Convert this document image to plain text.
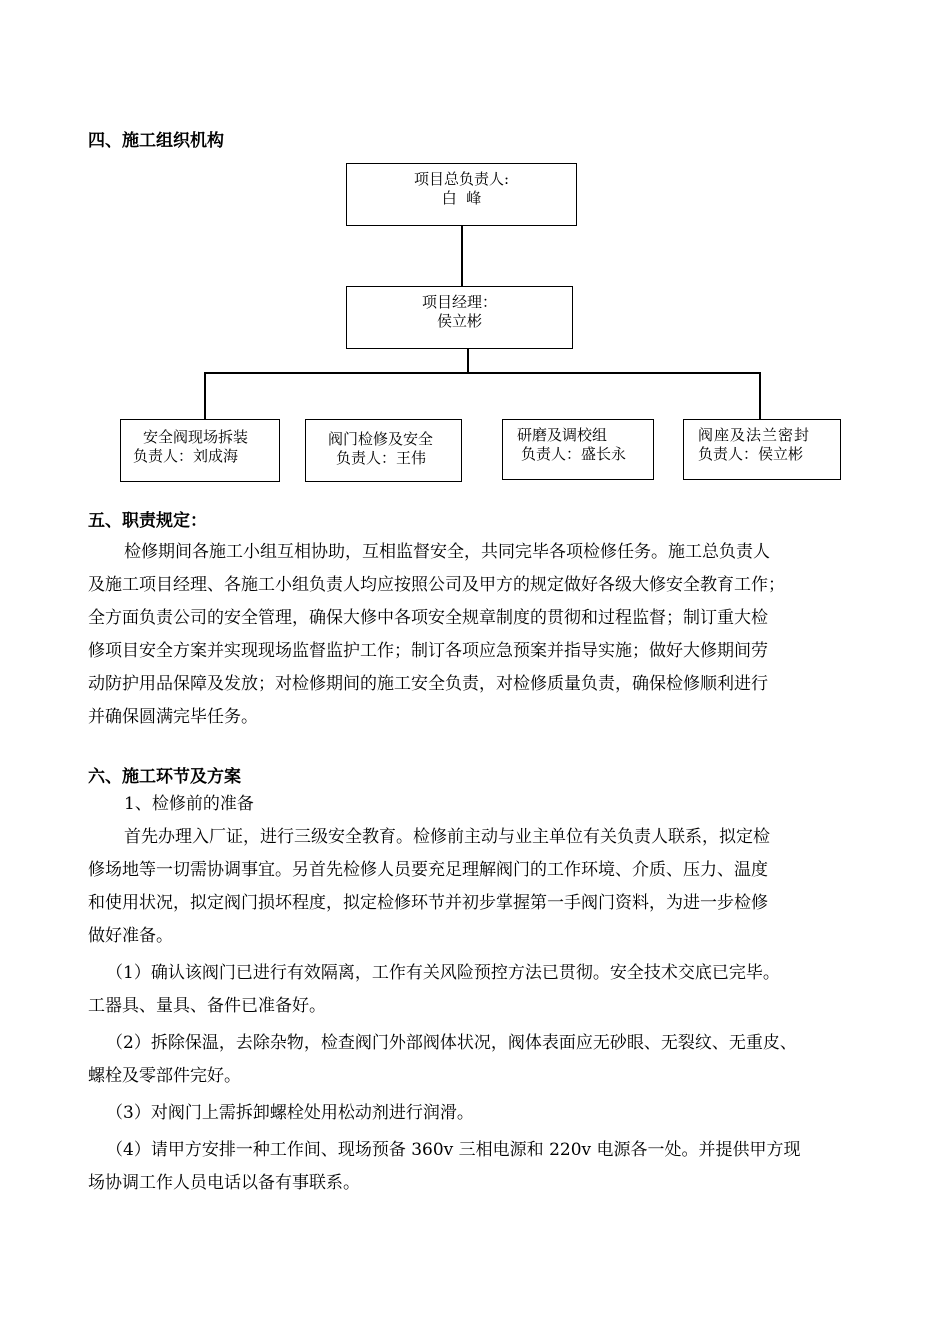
四、施工组织机构
项目总负责人:
白  峰
项目经理：
侯立彬
安全阀现场拆装
负责人：刘成海
阀门检修及安全
负责人：王伟
研磨及调校组
负责人：盛长永
阀座及法兰密封
负责人：侯立彬
五、职责规定：
检修期间各施工小组互相协助，互相监督安全，共同完毕各项检修任务。施工总负责人
及施工项目经理、各施工小组负责人均应按照公司及甲方的规定做好各级大修安全教育工作；
全方面负责公司的安全管理，确保大修中各项安全规章制度的贯彻和过程监督；制订重大检
修项目安全方案并实现现场监督监护工作；制订各项应急预案并指导实施；做好大修期间劳
动防护用品保障及发放；对检修期间的施工安全负责，对检修质量负责，确保检修顺利进行
并确保圆满完毕任务。
六、施工环节及方案
1、检修前的准备
首先办理入厂证，进行三级安全教育。检修前主动与业主单位有关负责人联系，拟定检
修场地等一切需协调事宜。另首先检修人员要充足理解阀门的工作环境、介质、压力、温度
和使用状况，拟定阀门损坏程度，拟定检修环节并初步掌握第一手阀门资料，为进一步检修
做好准备。
（1）确认该阀门已进行有效隔离，工作有关风险预控方法已贯彻。安全技术交底已完毕。
工器具、量具、备件已准备好。
（2）拆除保温，去除杂物，检查阀门外部阀体状况，阀体表面应无砂眼、无裂纹、无重皮、
螺栓及零部件完好。
（3）对阀门上需拆卸螺栓处用松动剂进行润滑。
（4）请甲方安排一种工作间、现场预备 360v 三相电源和 220v 电源各一处。并提供甲方现
场协调工作人员电话以备有事联系。
